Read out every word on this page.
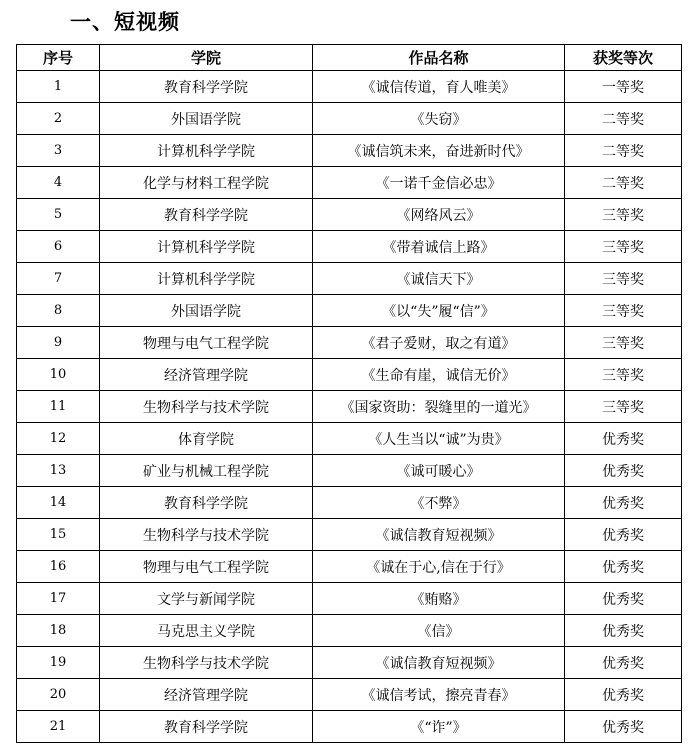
一、短视频
序号	学院	作品名称	获奖等次
1	教育科学学院	《诚信传道，育人唯美》	一等奖
2	外国语学院	《失窃》	二等奖
3	计算机科学学院	《诚信筑未来，奋进新时代》	二等奖
4	化学与材料工程学院	《一诺千金信必忠》	二等奖
5	教育科学学院	《网络风云》	三等奖
6	计算机科学学院	《带着诚信上路》	三等奖
7	计算机科学学院	《诚信天下》	三等奖
8	外国语学院	《以“失”履“信”》	三等奖
9	物理与电气工程学院	《君子爱财，取之有道》	三等奖
10	经济管理学院	《生命有崖，诚信无价》	三等奖
11	生物科学与技术学院	《国家资助：裂缝里的一道光》	三等奖
12	体育学院	《人生当以“诚”为贵》	优秀奖
13	矿业与机械工程学院	《诚可暖心》	优秀奖
14	教育科学学院	《不弊》	优秀奖
15	生物科学与技术学院	《诚信教育短视频》	优秀奖
16	物理与电气工程学院	《诚在于心,信在于行》	优秀奖
17	文学与新闻学院	《贿赂》	优秀奖
18	马克思主义学院	《信》	优秀奖
19	生物科学与技术学院	《诚信教育短视频》	优秀奖
20	经济管理学院	《诚信考试，擦亮青春》	优秀奖
21	教育科学学院	《“诈”》	优秀奖
